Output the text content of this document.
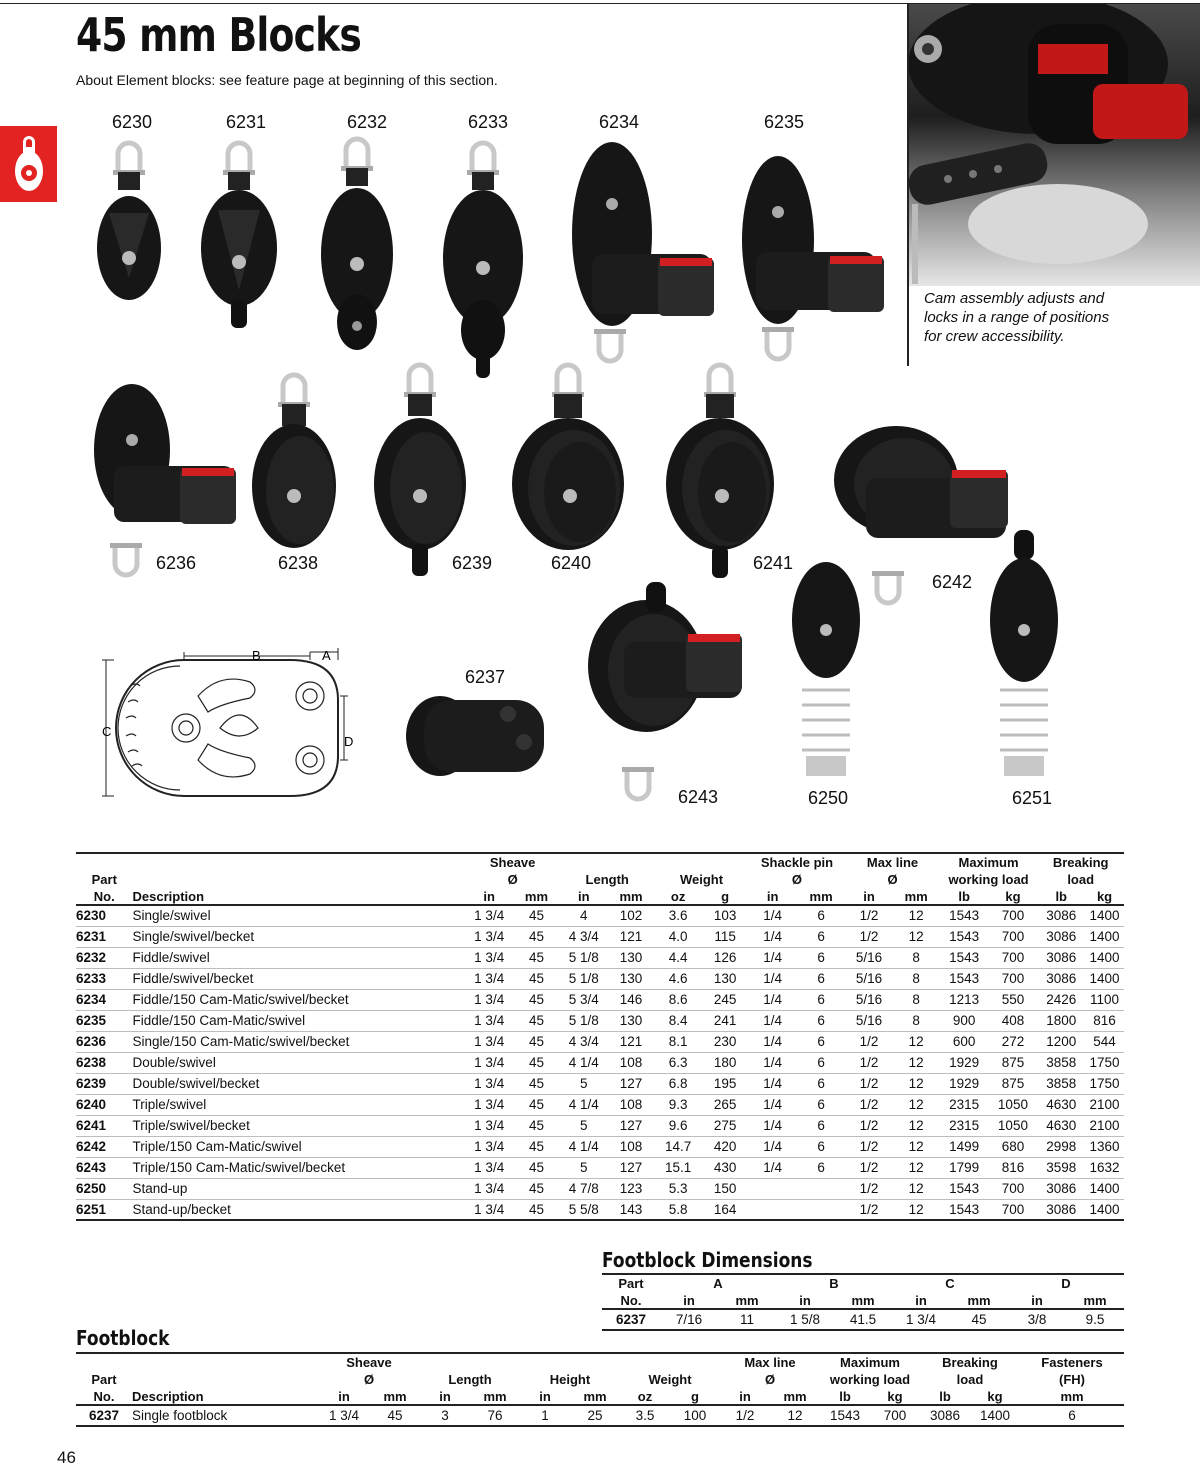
45 mm Blocks
About Element blocks: see feature page at beginning of this section.
Cam assembly adjusts and locks in a range of positions for crew accessibility.
6230	6231	6232	6233	6234	6235
6236	6238	6239	6240	6241
6242
6243	6250	6251
6237
B	A
C
D
		Sheave						Shackle pin		Max line		Maximum		Breaking	
Part		Ø		Length		Weight		Ø		Ø		working load		load	
No.	Description	in	mm	in	mm	oz	g	in	mm	in	mm	lb	kg	lb	kg
6230	Single/swivel	1 3/4	45	4	102	3.6	103	1/4	6	1/2	12	1543	700	3086	1400
6231	Single/swivel/becket	1 3/4	45	4 3/4	121	4.0	115	1/4	6	1/2	12	1543	700	3086	1400
6232	Fiddle/swivel	1 3/4	45	5 1/8	130	4.4	126	1/4	6	5/16	8	1543	700	3086	1400
6233	Fiddle/swivel/becket	1 3/4	45	5 1/8	130	4.6	130	1/4	6	5/16	8	1543	700	3086	1400
6234	Fiddle/150 Cam-Matic/swivel/becket	1 3/4	45	5 3/4	146	8.6	245	1/4	6	5/16	8	1213	550	2426	1100
6235	Fiddle/150 Cam-Matic/swivel	1 3/4	45	5 1/8	130	8.4	241	1/4	6	5/16	8	900	408	1800	816
6236	Single/150 Cam-Matic/swivel/becket	1 3/4	45	4 3/4	121	8.1	230	1/4	6	1/2	12	600	272	1200	544
6238	Double/swivel	1 3/4	45	4 1/4	108	6.3	180	1/4	6	1/2	12	1929	875	3858	1750
6239	Double/swivel/becket	1 3/4	45	5	127	6.8	195	1/4	6	1/2	12	1929	875	3858	1750
6240	Triple/swivel	1 3/4	45	4 1/4	108	9.3	265	1/4	6	1/2	12	2315	1050	4630	2100
6241	Triple/swivel/becket	1 3/4	45	5	127	9.6	275	1/4	6	1/2	12	2315	1050	4630	2100
6242	Triple/150 Cam-Matic/swivel	1 3/4	45	4 1/4	108	14.7	420	1/4	6	1/2	12	1499	680	2998	1360
6243	Triple/150 Cam-Matic/swivel/becket	1 3/4	45	5	127	15.1	430	1/4	6	1/2	12	1799	816	3598	1632
6250	Stand-up	1 3/4	45	4 7/8	123	5.3	150			1/2	12	1543	700	3086	1400
6251	Stand-up/becket	1 3/4	45	5 5/8	143	5.8	164			1/2	12	1543	700	3086	1400
Footblock Dimensions
Part	A		B		C		D	
No.	in	mm	in	mm	in	mm	in	mm
6237	7/16	11	1 5/8	41.5	1 3/4	45	3/8	9.5
Footblock
		Sheave								Max line		Maximum		Breaking		Fasteners
Part		Ø		Length		Height		Weight		Ø		working load		load		(FH)
No.	Description	in	mm	in	mm	in	mm	oz	g	in	mm	lb	kg	lb	kg	mm
6237	Single footblock	1 3/4	45	3	76	1	25	3.5	100	1/2	12	1543	700	3086	1400	6
46
